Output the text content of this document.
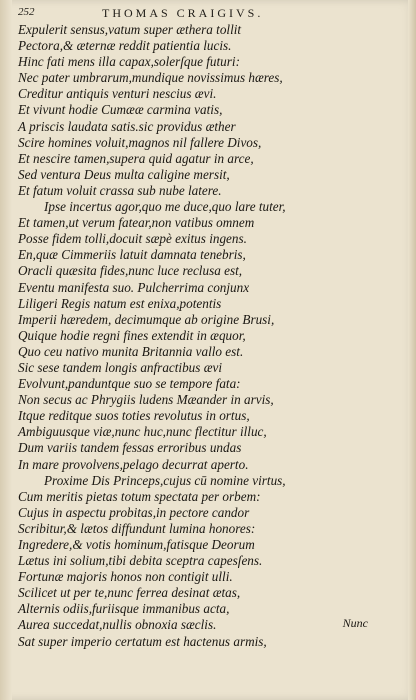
252	THOMAS CRAIGIVS.
Expulerit sensus,vatum super æthera tollit
Pectora,& æternæ reddit patientia lucis.
Hinc fati mens illa capax,solerſque futuri:
Nec pater umbrarum,mundique novissimus hæres,
Creditur antiquis venturi nescius ævi.
Et vivunt hodie Cumææ carmina vatis,
A priscis laudata satis.sic providus æther
Scire homines voluit,magnos nil fallere Divos,
Et nescire tamen,supera quid agatur in arce,
Sed ventura Deus multa caligine mersit,
Et fatum voluit crassa sub nube latere.
Ipse incertus agor,quo me duce,quo lare tuter,
Et tamen,ut verum fatear,non vatibus omnem
Posse fidem tolli,docuit sæpè exitus ingens.
En,quæ Cimmeriis latuit damnata tenebris,
Oracli quæsita fides,nunc luce reclusa est,
Eventu manifesta suo. Pulcherrima conjunx
Liligeri Regis natum est enixa,potentis
Imperii hæredem, decimumque ab origine Brusi,
Quique hodie regni fines extendit in æquor,
Quo ceu nativo munita Britannia vallo est.
Sic sese tandem longis anfractibus ævi
Evolvunt,panduntque suo se tempore fata:
Non secus ac Phrygiis ludens Mæander in arvis,
Itque reditque suos toties revolutus in ortus,
Ambiguusque viæ,nunc huc,nunc flectitur illuc,
Dum variis tandem fessas erroribus undas
In mare provolvens,pelago decurrat aperto.
Proxime Dis Princeps,cujus cū nomine virtus,
Cum meritis pietas totum spectata per orbem:
Cujus in aspectu probitas,in pectore candor
Scribitur,& lætos diffundunt lumina honores:
Ingredere,& votis hominum,fatisque Deorum
Lætus ini solium,tibi debita sceptra capesſens.
Fortunæ majoris honos non contigit ulli.
Scilicet ut per te,nunc ferrea desinat ætas,
Alternis odiis,furiisque immanibus acta,
Aurea succedat,nullis obnoxia sæclis.
Sat super imperio certatum est hactenus armis,
Nunc
